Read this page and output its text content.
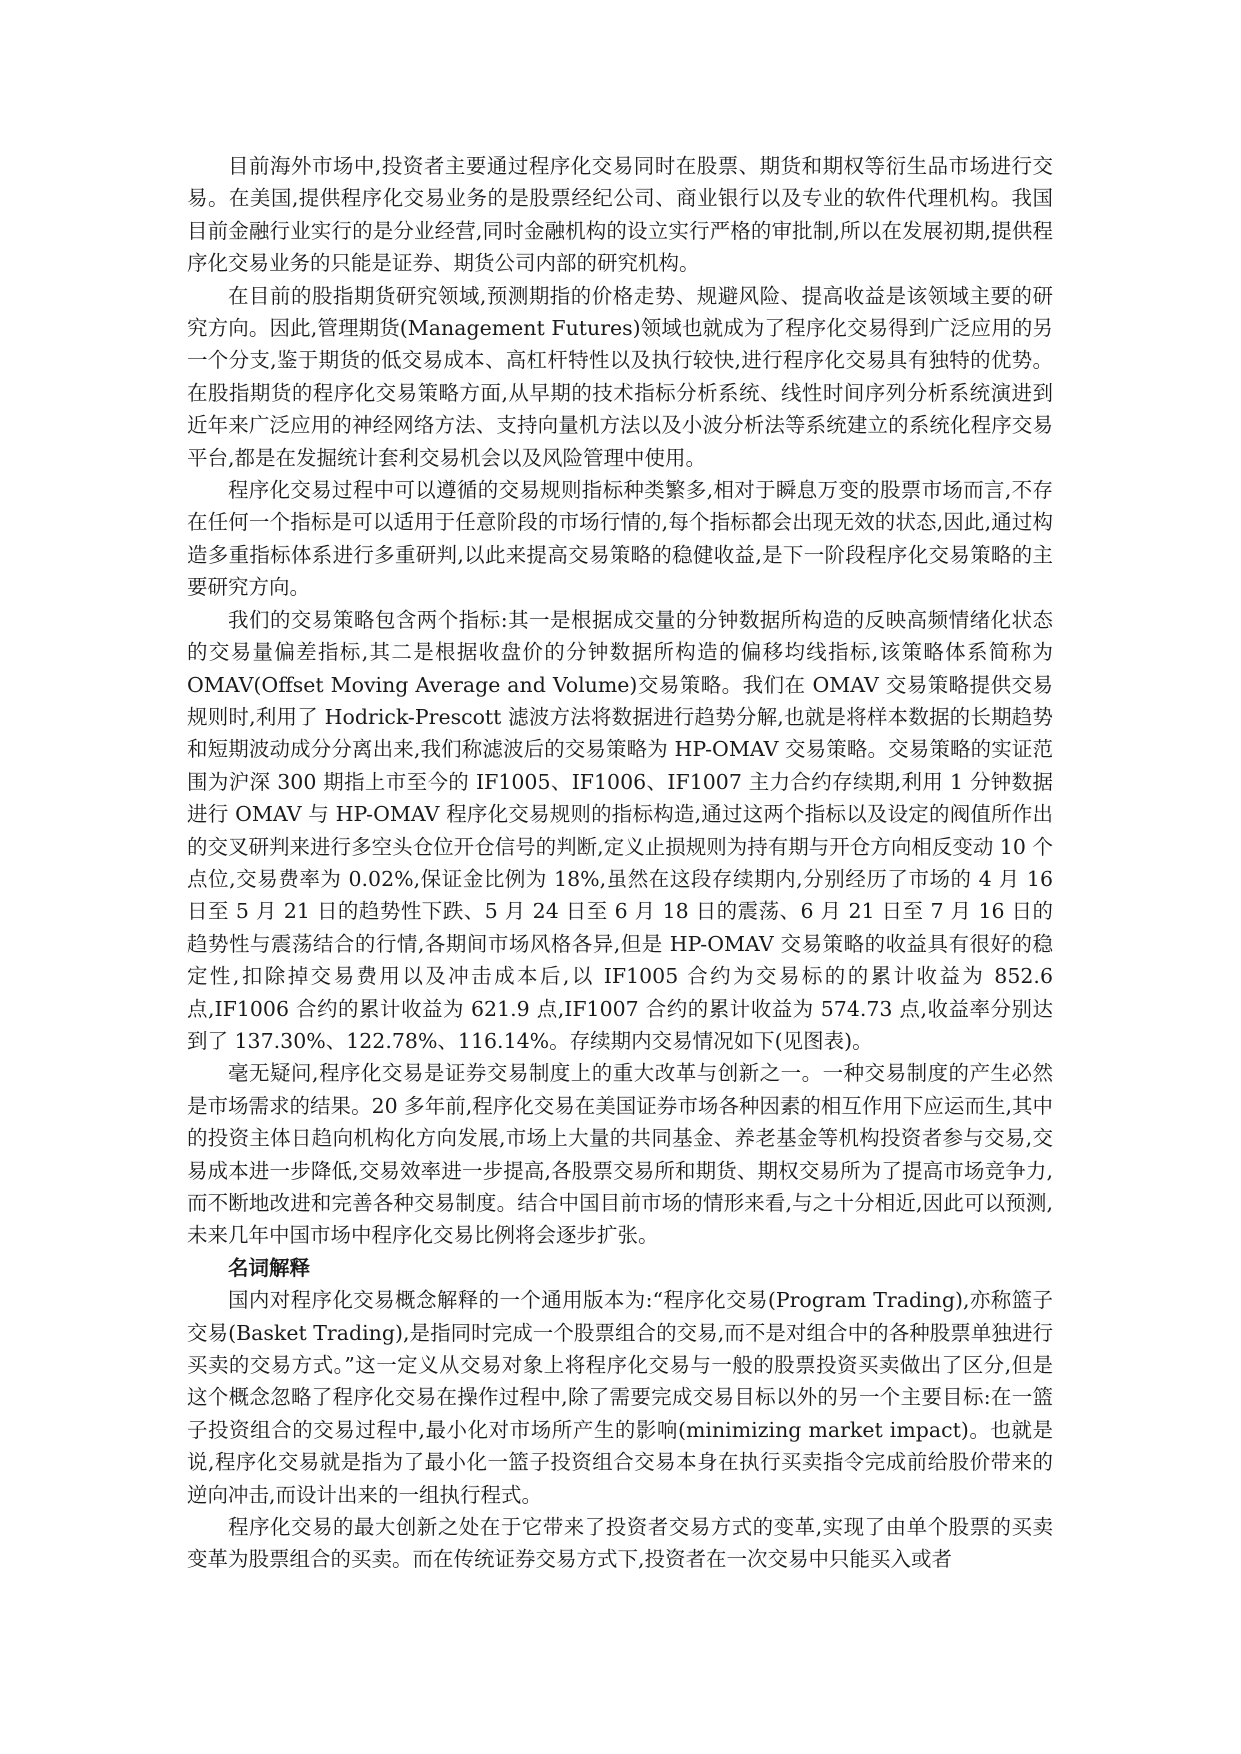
目前海外市场中,投资者主要通过程序化交易同时在股票、期货和期权等衍生品市场进行交易。在美国,提供程序化交易业务的是股票经纪公司、商业银行以及专业的软件代理机构。我国目前金融行业实行的是分业经营,同时金融机构的设立实行严格的审批制,所以在发展初期,提供程序化交易业务的只能是证券、期货公司内部的研究机构。

在目前的股指期货研究领域,预测期指的价格走势、规避风险、提高收益是该领域主要的研究方向。因此,管理期货(Management Futures)领域也就成为了程序化交易得到广泛应用的另一个分支,鉴于期货的低交易成本、高杠杆特性以及执行较快,进行程序化交易具有独特的优势。在股指期货的程序化交易策略方面,从早期的技术指标分析系统、线性时间序列分析系统演进到近年来广泛应用的神经网络方法、支持向量机方法以及小波分析法等系统建立的系统化程序交易平台,都是在发掘统计套利交易机会以及风险管理中使用。

程序化交易过程中可以遵循的交易规则指标种类繁多,相对于瞬息万变的股票市场而言,不存在任何一个指标是可以适用于任意阶段的市场行情的,每个指标都会出现无效的状态,因此,通过构造多重指标体系进行多重研判,以此来提高交易策略的稳健收益,是下一阶段程序化交易策略的主要研究方向。

我们的交易策略包含两个指标:其一是根据成交量的分钟数据所构造的反映高频情绪化状态的交易量偏差指标,其二是根据收盘价的分钟数据所构造的偏移均线指标,该策略体系简称为 OMAV(Offset Moving Average and Volume)交易策略。我们在 OMAV 交易策略提供交易规则时,利用了 Hodrick-Prescott 滤波方法将数据进行趋势分解,也就是将样本数据的长期趋势和短期波动成分分离出来,我们称滤波后的交易策略为 HP-OMAV 交易策略。交易策略的实证范围为沪深 300 期指上市至今的 IF1005、IF1006、IF1007 主力合约存续期,利用 1 分钟数据进行 OMAV 与 HP-OMAV 程序化交易规则的指标构造,通过这两个指标以及设定的阀值所作出的交叉研判来进行多空头仓位开仓信号的判断,定义止损规则为持有期与开仓方向相反变动 10 个点位,交易费率为 0.02%,保证金比例为 18%,虽然在这段存续期内,分别经历了市场的 4 月 16 日至 5 月 21 日的趋势性下跌、5 月 24 日至 6 月 18 日的震荡、6 月 21 日至 7 月 16 日的趋势性与震荡结合的行情,各期间市场风格各异,但是 HP-OMAV 交易策略的收益具有很好的稳定性,扣除掉交易费用以及冲击成本后,以 IF1005 合约为交易标的的累计收益为 852.6 点,IF1006 合约的累计收益为 621.9 点,IF1007 合约的累计收益为 574.73 点,收益率分别达到了 137.30%、122.78%、116.14%。存续期内交易情况如下(见图表)。

毫无疑问,程序化交易是证券交易制度上的重大改革与创新之一。一种交易制度的产生必然是市场需求的结果。20 多年前,程序化交易在美国证券市场各种因素的相互作用下应运而生,其中的投资主体日趋向机构化方向发展,市场上大量的共同基金、养老基金等机构投资者参与交易,交易成本进一步降低,交易效率进一步提高,各股票交易所和期货、期权交易所为了提高市场竞争力,而不断地改进和完善各种交易制度。结合中国目前市场的情形来看,与之十分相近,因此可以预测,未来几年中国市场中程序化交易比例将会逐步扩张。

名词解释

国内对程序化交易概念解释的一个通用版本为:“程序化交易(Program Trading),亦称篮子交易(Basket Trading),是指同时完成一个股票组合的交易,而不是对组合中的各种股票单独进行买卖的交易方式。”这一定义从交易对象上将程序化交易与一般的股票投资买卖做出了区分,但是这个概念忽略了程序化交易在操作过程中,除了需要完成交易目标以外的另一个主要目标:在一篮子投资组合的交易过程中,最小化对市场所产生的影响(minimizing market impact)。也就是说,程序化交易就是指为了最小化一篮子投资组合交易本身在执行买卖指令完成前给股价带来的逆向冲击,而设计出来的一组执行程式。

程序化交易的最大创新之处在于它带来了投资者交易方式的变革,实现了由单个股票的买卖变革为股票组合的买卖。而在传统证券交易方式下,投资者在一次交易中只能买入或者
